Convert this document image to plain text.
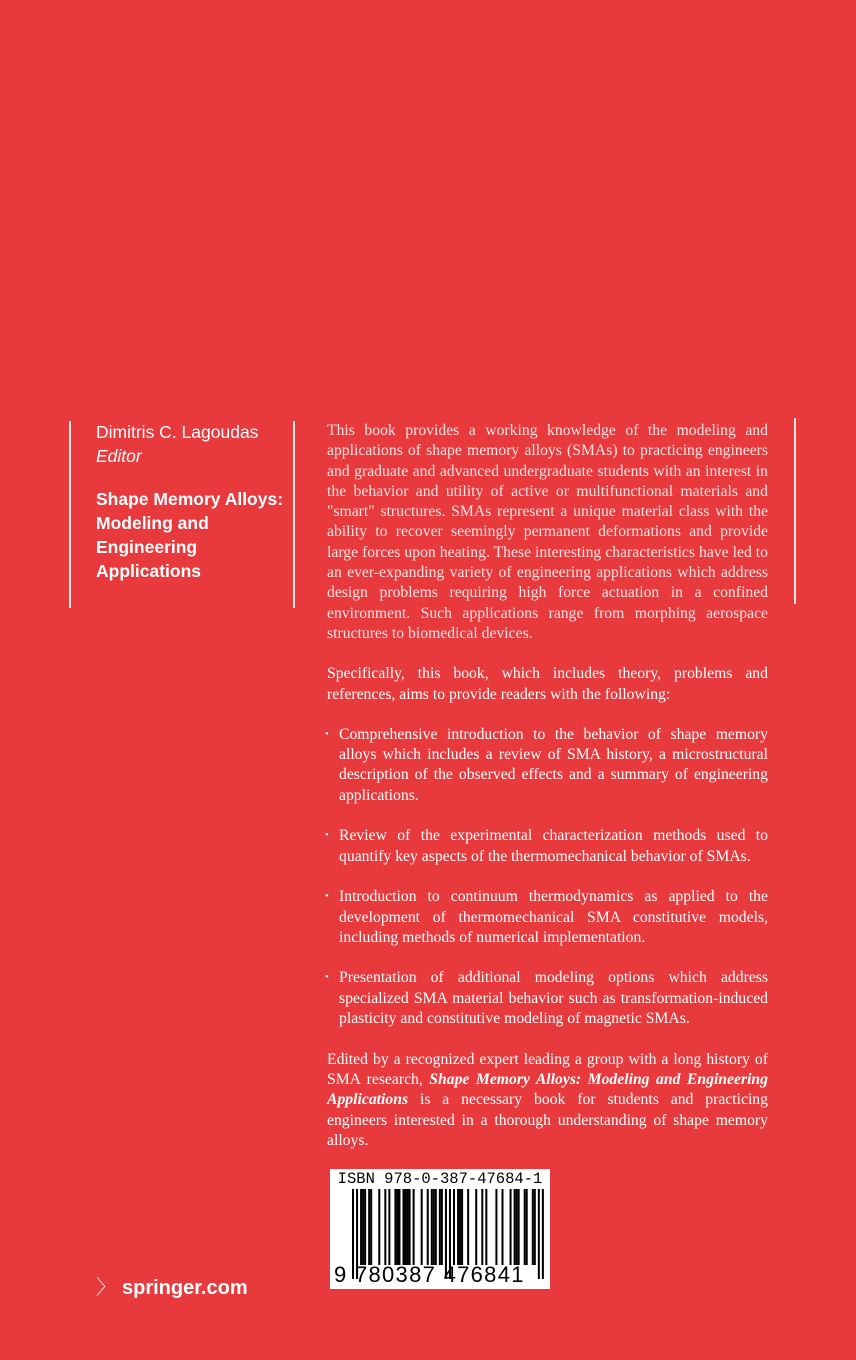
Dimitris C. Lagoudas
Editor
Shape Memory Alloys: Modeling and Engineering Applications

This book provides a working knowledge of the modeling and applications of shape memory alloys (SMAs) to practicing engineers and graduate and advanced undergraduate students with an interest in the behavior and utility of active or multifunctional materials and "smart" structures. SMAs represent a unique material class with the ability to recover seemingly permanent deformations and provide large forces upon heating. These interesting characteristics have led to an ever-expanding variety of engineering applications which address design problems requiring high force actuation in a confined environment. Such applications range from morphing aerospace structures to biomedical devices.

Specifically, this book, which includes theory, problems and references, aims to provide readers with the following:

• Comprehensive introduction to the behavior of shape memory alloys which includes a review of SMA history, a microstructural description of the observed effects and a summary of engineering applications.
• Review of the experimental characterization methods used to quantify key aspects of the thermomechanical behavior of SMAs.
• Introduction to continuum thermodynamics as applied to the development of thermomechanical SMA constitutive models, including methods of numerical implementation.
• Presentation of additional modeling options which address specialized SMA material behavior such as transformation-induced plasticity and constitutive modeling of magnetic SMAs.

Edited by a recognized expert leading a group with a long history of SMA research, Shape Memory Alloys: Modeling and Engineering Applications is a necessary book for students and practicing engineers interested in a thorough understanding of shape memory alloys.

〉 springer.com
ISBN 978-0-387-47684-1
9 780387 476841
